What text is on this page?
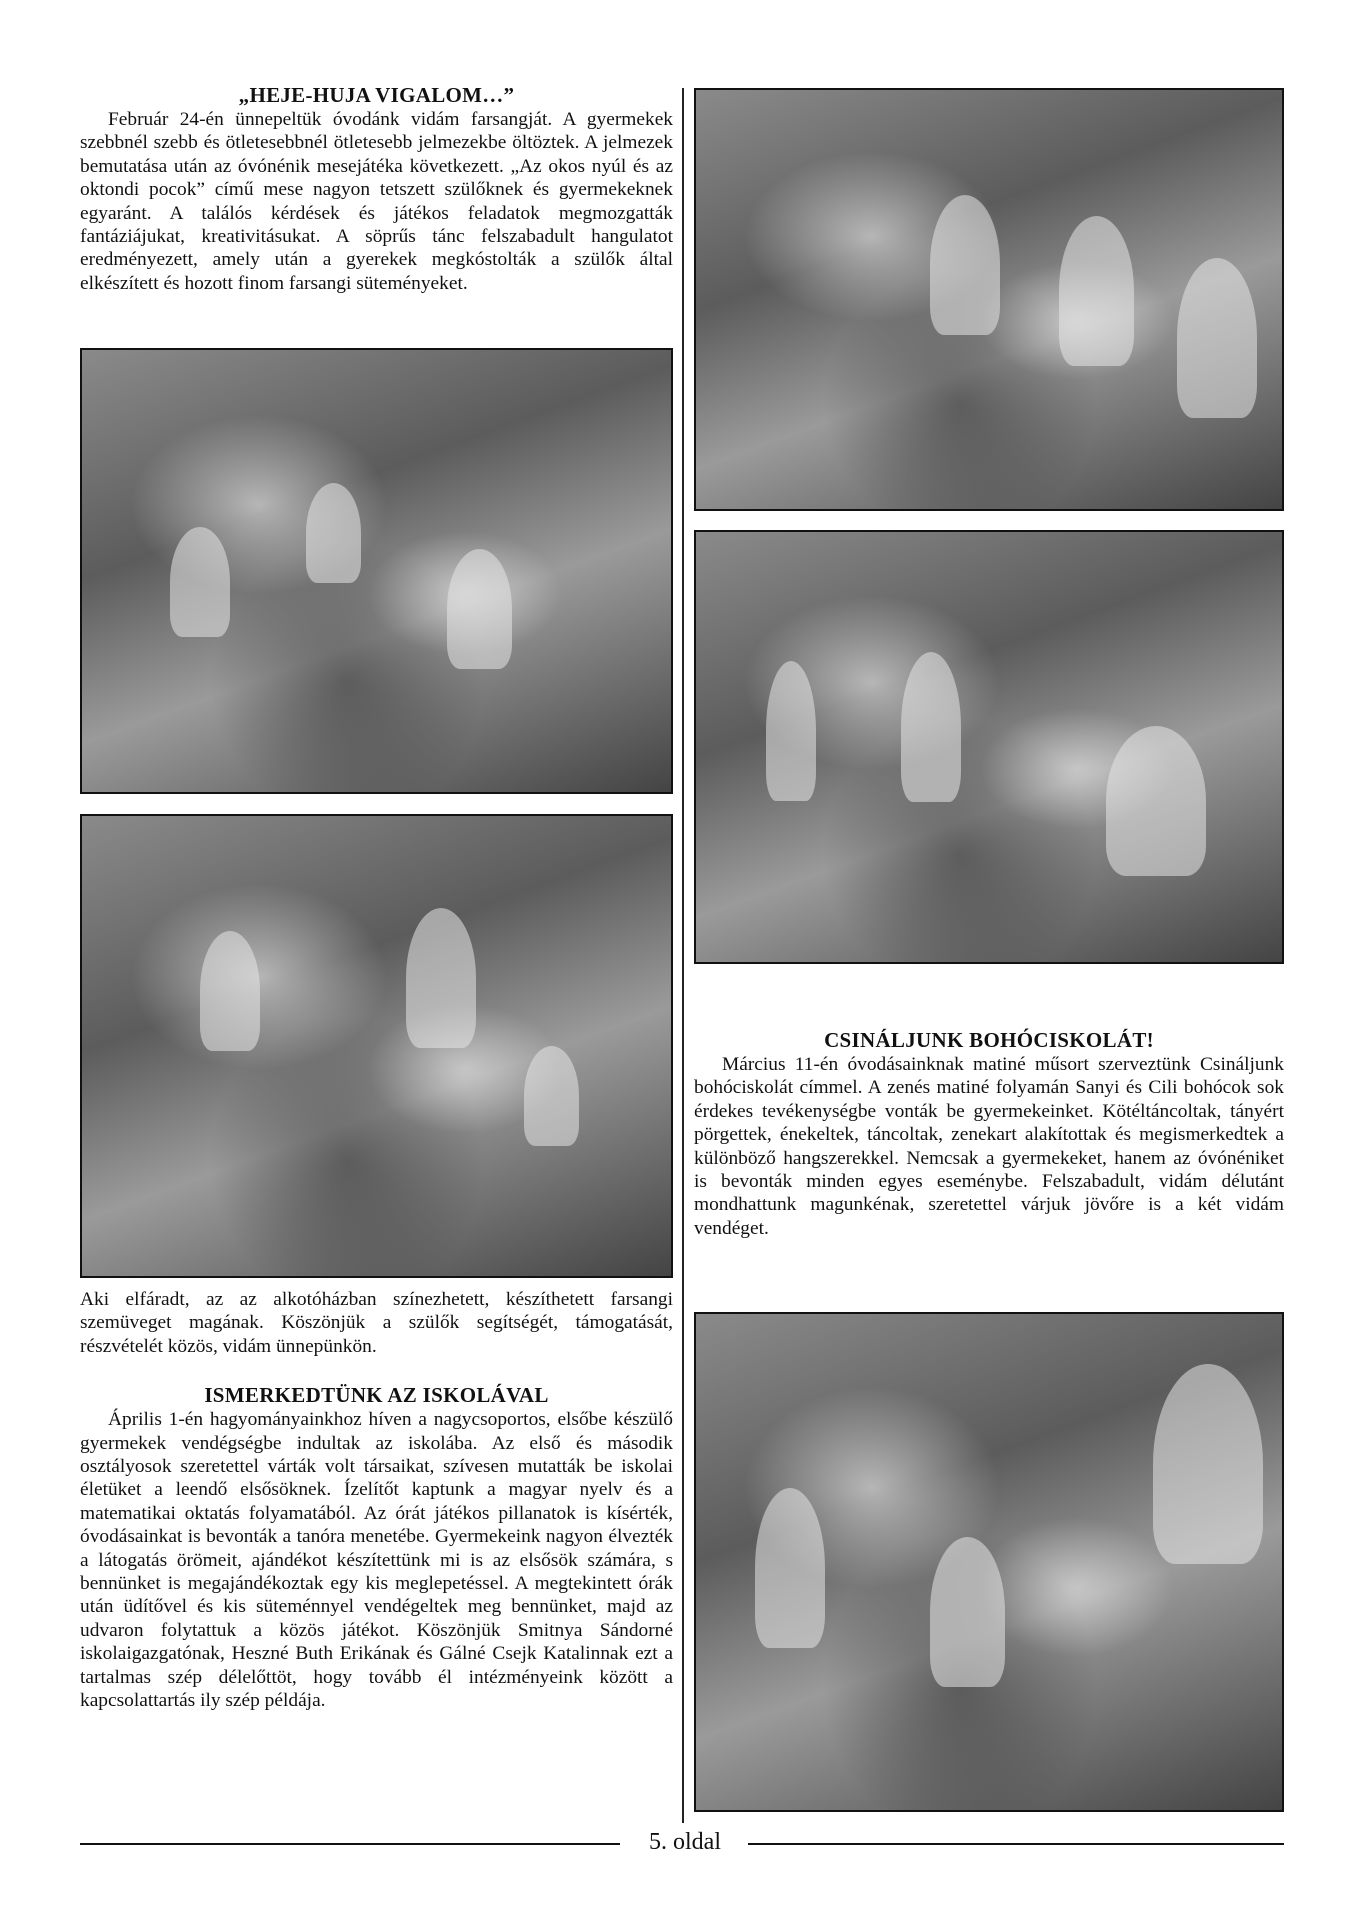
„HEJE-HUJA VIGALOM…”

Február 24-én ünnepeltük óvodánk vidám farsangját. A gyermekek szebbnél szebb és ötletesebbnél ötletesebb jelmezekbe öltöztek. A jelmezek bemutatása után az óvónénik mesejátéka következett. „Az okos nyúl és az oktondi pocok” című mese nagyon tetszett szülőknek és gyermekeknek egyaránt. A találós kérdések és játékos feladatok megmozgatták fantáziájukat, kreativitásukat. A söprűs tánc felszabadult hangulatot eredményezett, amely után a gyerekek megkóstolták a szülők által elkészített és hozott finom farsangi süteményeket.

Aki elfáradt, az az alkotóházban színezhetett, készíthetett farsangi szemüveget magának. Köszönjük a szülők segítségét, támogatását, részvételét közös, vidám ünnepünkön.

ISMERKEDTÜNK AZ ISKOLÁVAL

Április 1-én hagyományainkhoz híven a nagycsoportos, elsőbe készülő gyermekek vendégségbe indultak az iskolába. Az első és második osztályosok szeretettel várták volt társaikat, szívesen mutatták be iskolai életüket a leendő elsősöknek. Ízelítőt kaptunk a magyar nyelv és a matematikai oktatás folyamatából. Az órát játékos pillanatok is kísérték, óvodásainkat is bevonták a tanóra menetébe. Gyermekeink nagyon élvezték a látogatás örömeit, ajándékot készítettünk mi is az elsősök számára, s bennünket is megajándékoztak egy kis meglepetéssel. A megtekintett órák után üdítővel és kis süteménnyel vendégeltek meg bennünket, majd az udvaron folytattuk a közös játékot. Köszönjük Smitnya Sándorné iskolaigazgatónak, Heszné Buth Erikának és Gálné Csejk Katalinnak ezt a tartalmas szép délelőttöt, hogy tovább él intézményeink között a kapcsolattartás ily szép példája.

CSINÁLJUNK BOHÓCISKOLÁT!

Március 11-én óvodásainknak matiné műsort szerveztünk Csináljunk bohóciskolát címmel. A zenés matiné folyamán Sanyi és Cili bohócok sok érdekes tevékenységbe vonták be gyermekeinket. Kötéltáncoltak, tányért pörgettek, énekeltek, táncoltak, zenekart alakítottak és megismerkedtek a különböző hangszerekkel. Nemcsak a gyermekeket, hanem az óvónéniket is bevonták minden egyes eseménybe. Felszabadult, vidám délutánt mondhattunk magunkénak, szeretettel várjuk jövőre is a két vidám vendéget.

5. oldal
